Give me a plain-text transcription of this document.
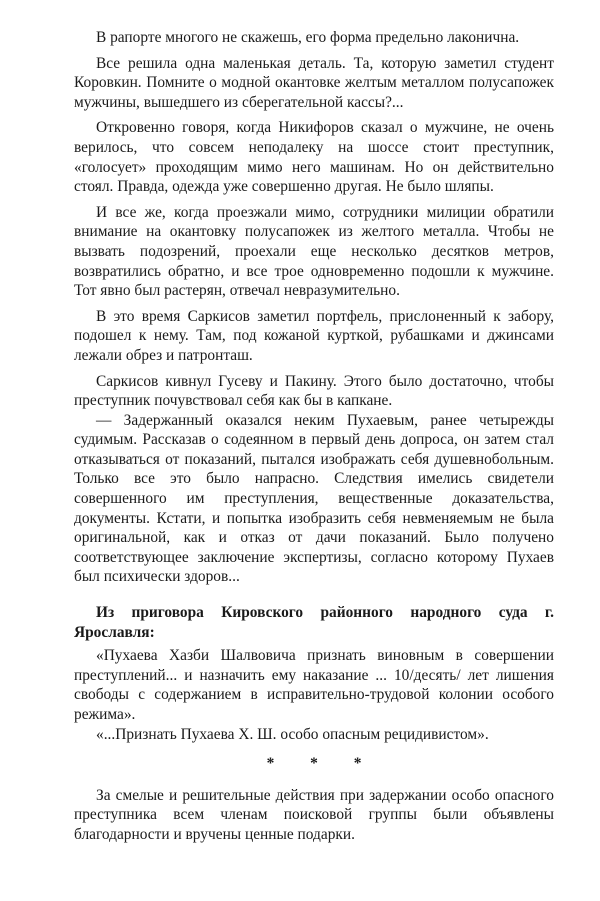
В рапорте многого не скажешь, его форма предельно лаконична.

Все решила одна маленькая деталь. Та, которую заметил студент Коровкин. Помните о модной окантовке желтым металлом полусапожек мужчины, вышедшего из сберегательной кассы?...

Откровенно говоря, когда Никифоров сказал о мужчине, не очень верилось, что совсем неподалеку на шоссе стоит преступник, «голосует» проходящим мимо него машинам. Но он действительно стоял. Правда, одежда уже совершенно другая. Не было шляпы.

И все же, когда проезжали мимо, сотрудники милиции обратили внимание на окантовку полусапожек из желтого металла. Чтобы не вызвать подозрений, проехали еще несколько десятков метров, возвратились обратно, и все трое одновременно подошли к мужчине. Тот явно был растерян, отвечал невразумительно.

В это время Саркисов заметил портфель, прислоненный к забору, подошел к нему. Там, под кожаной курткой, рубашками и джинсами лежали обрез и патронташ.

Саркисов кивнул Гусеву и Пакину. Этого было достаточно, чтобы преступник почувствовал себя как бы в капкане.

— Задержанный оказался неким Пухаевым, ранее четырежды судимым. Рассказав о содеянном в первый день допроса, он затем стал отказываться от показаний, пытался изображать себя душевнобольным. Только все это было напрасно. Следствия имелись свидетели совершенного им преступления, вещественные доказательства, документы. Кстати, и попытка изобразить себя невменяемым не была оригинальной, как и отказ от дачи показаний. Было получено соответствующее заключение экспертизы, согласно которому Пухаев был психически здоров...

Из приговора Кировского районного народного суда г. Ярославля:

«Пухаева Хазби Шалвовича признать виновным в совершении преступлений... и назначить ему наказание ... 10/десять/ лет лишения свободы с содержанием в исправительно-трудовой колонии особого режима».

«...Признать Пухаева Х. Ш. особо опасным рецидивистом».

* * *

За смелые и решительные действия при задержании особо опасного преступника всем членам поисковой группы были объявлены благодарности и вручены ценные подарки.
